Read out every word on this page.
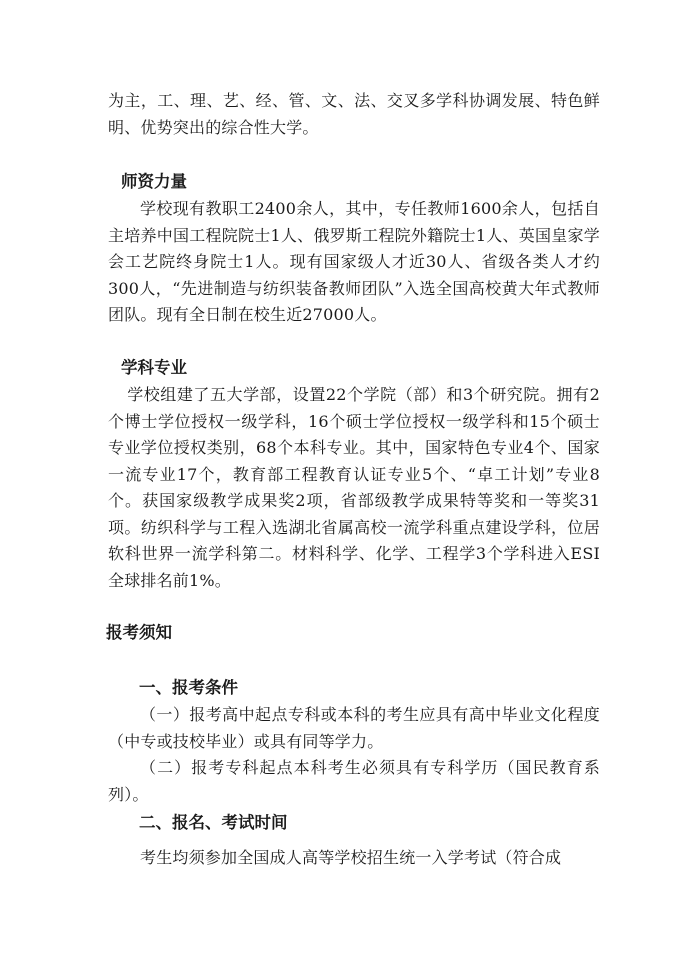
为主，工、理、艺、经、管、文、法、交叉多学科协调发展、特色鲜明、优势突出的综合性大学。

师资力量

学校现有教职工2400余人，其中，专任教师1600余人，包括自主培养中国工程院院士1人、俄罗斯工程院外籍院士1人、英国皇家学会工艺院终身院士1人。现有国家级人才近30人、省级各类人才约300人，“先进制造与纺织装备教师团队”入选全国高校黄大年式教师团队。现有全日制在校生近27000人。

学科专业

学校组建了五大学部，设置22个学院（部）和3个研究院。拥有2个博士学位授权一级学科，16个硕士学位授权一级学科和15个硕士专业学位授权类别，68个本科专业。其中，国家特色专业4个、国家一流专业17个，教育部工程教育认证专业5个、“卓工计划”专业8个。获国家级教学成果奖2项，省部级教学成果特等奖和一等奖31项。纺织科学与工程入选湖北省属高校一流学科重点建设学科，位居软科世界一流学科第二。材料科学、化学、工程学3个学科进入ESI全球排名前1%。

报考须知
一、报考条件

（一）报考高中起点专科或本科的考生应具有高中毕业文化程度（中专或技校毕业）或具有同等学力。

（二）报考专科起点本科考生必须具有专科学历（国民教育系列）。

二、报名、考试时间

考生均须参加全国成人高等学校招生统一入学考试（符合成
